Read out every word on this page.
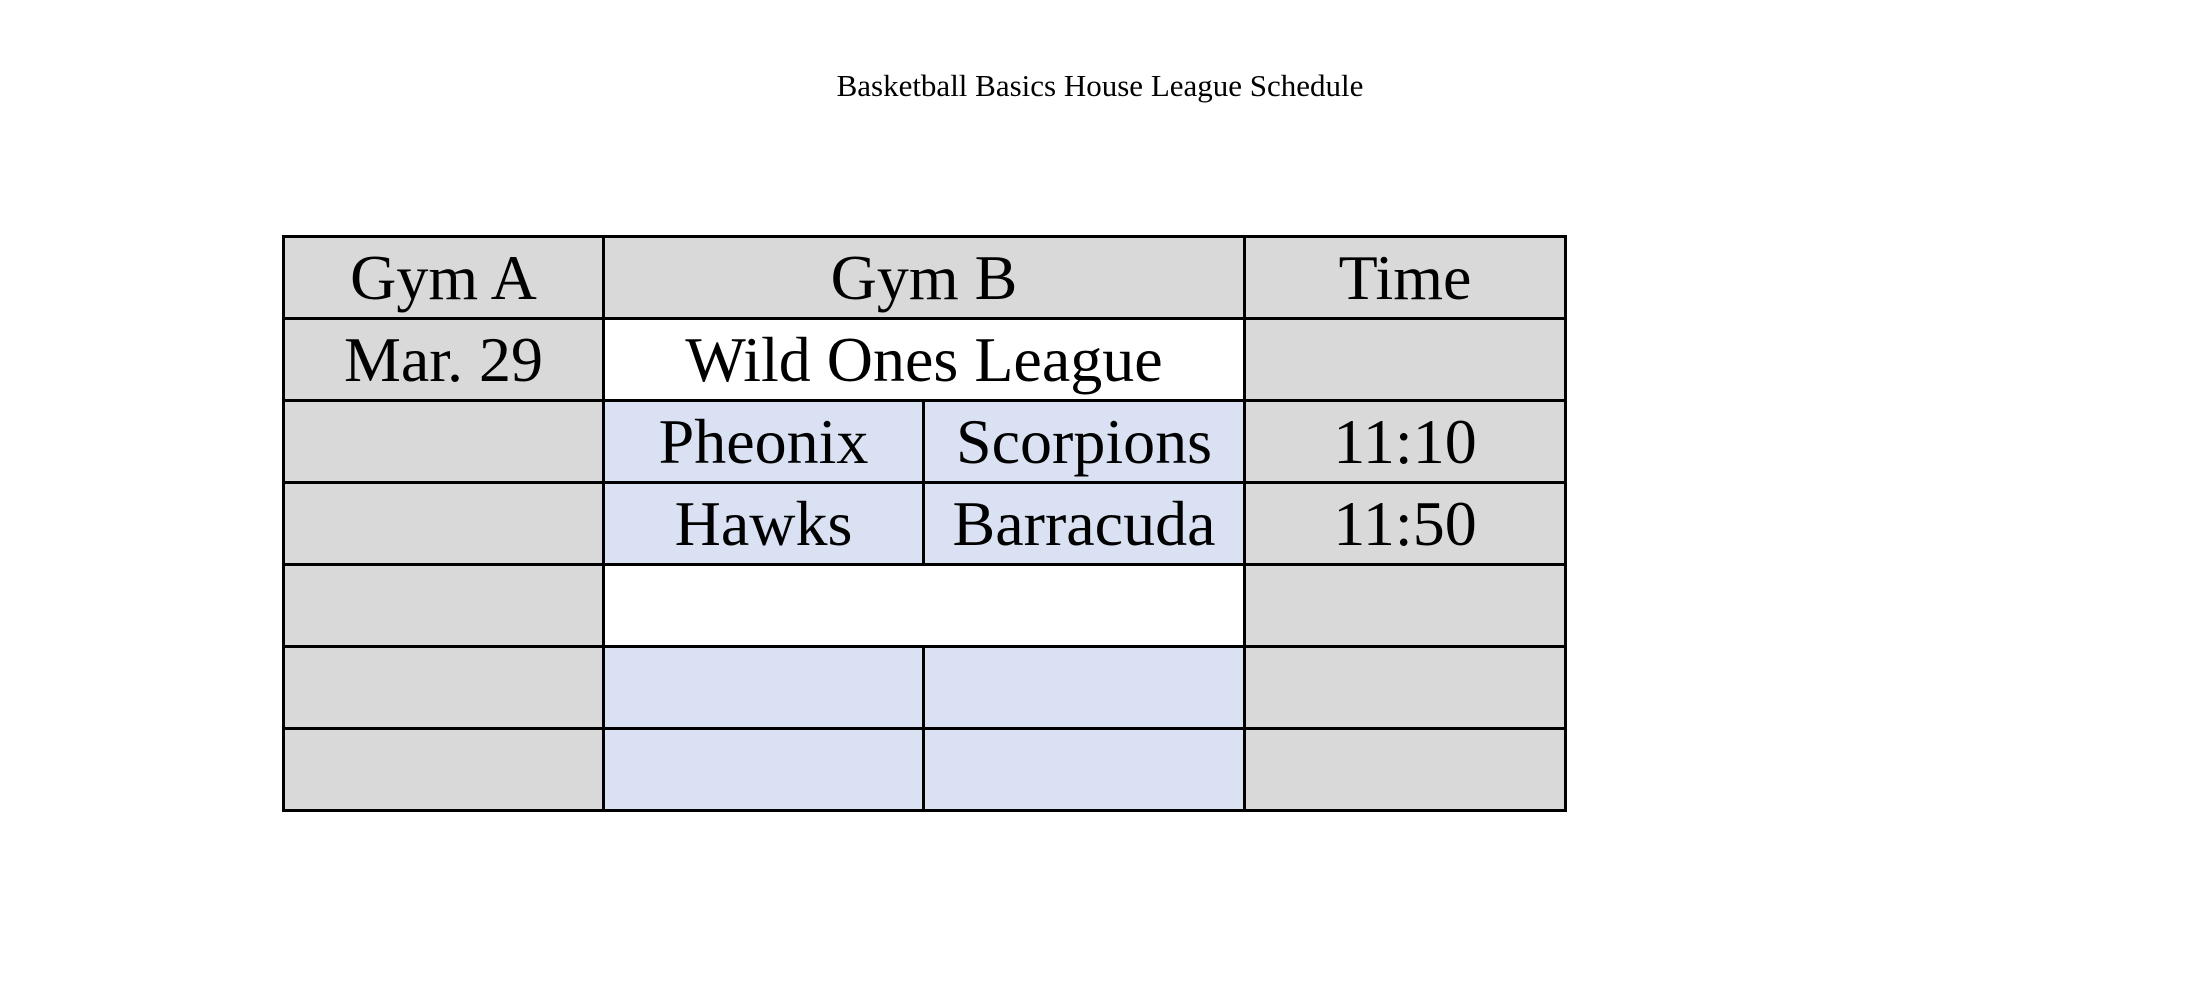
Basketball Basics House League Schedule
Gym A	Gym B		Time
Mar. 29	Wild Ones League		
	Pheonix	Scorpions	11:10
	Hawks	Barracuda	11:50
